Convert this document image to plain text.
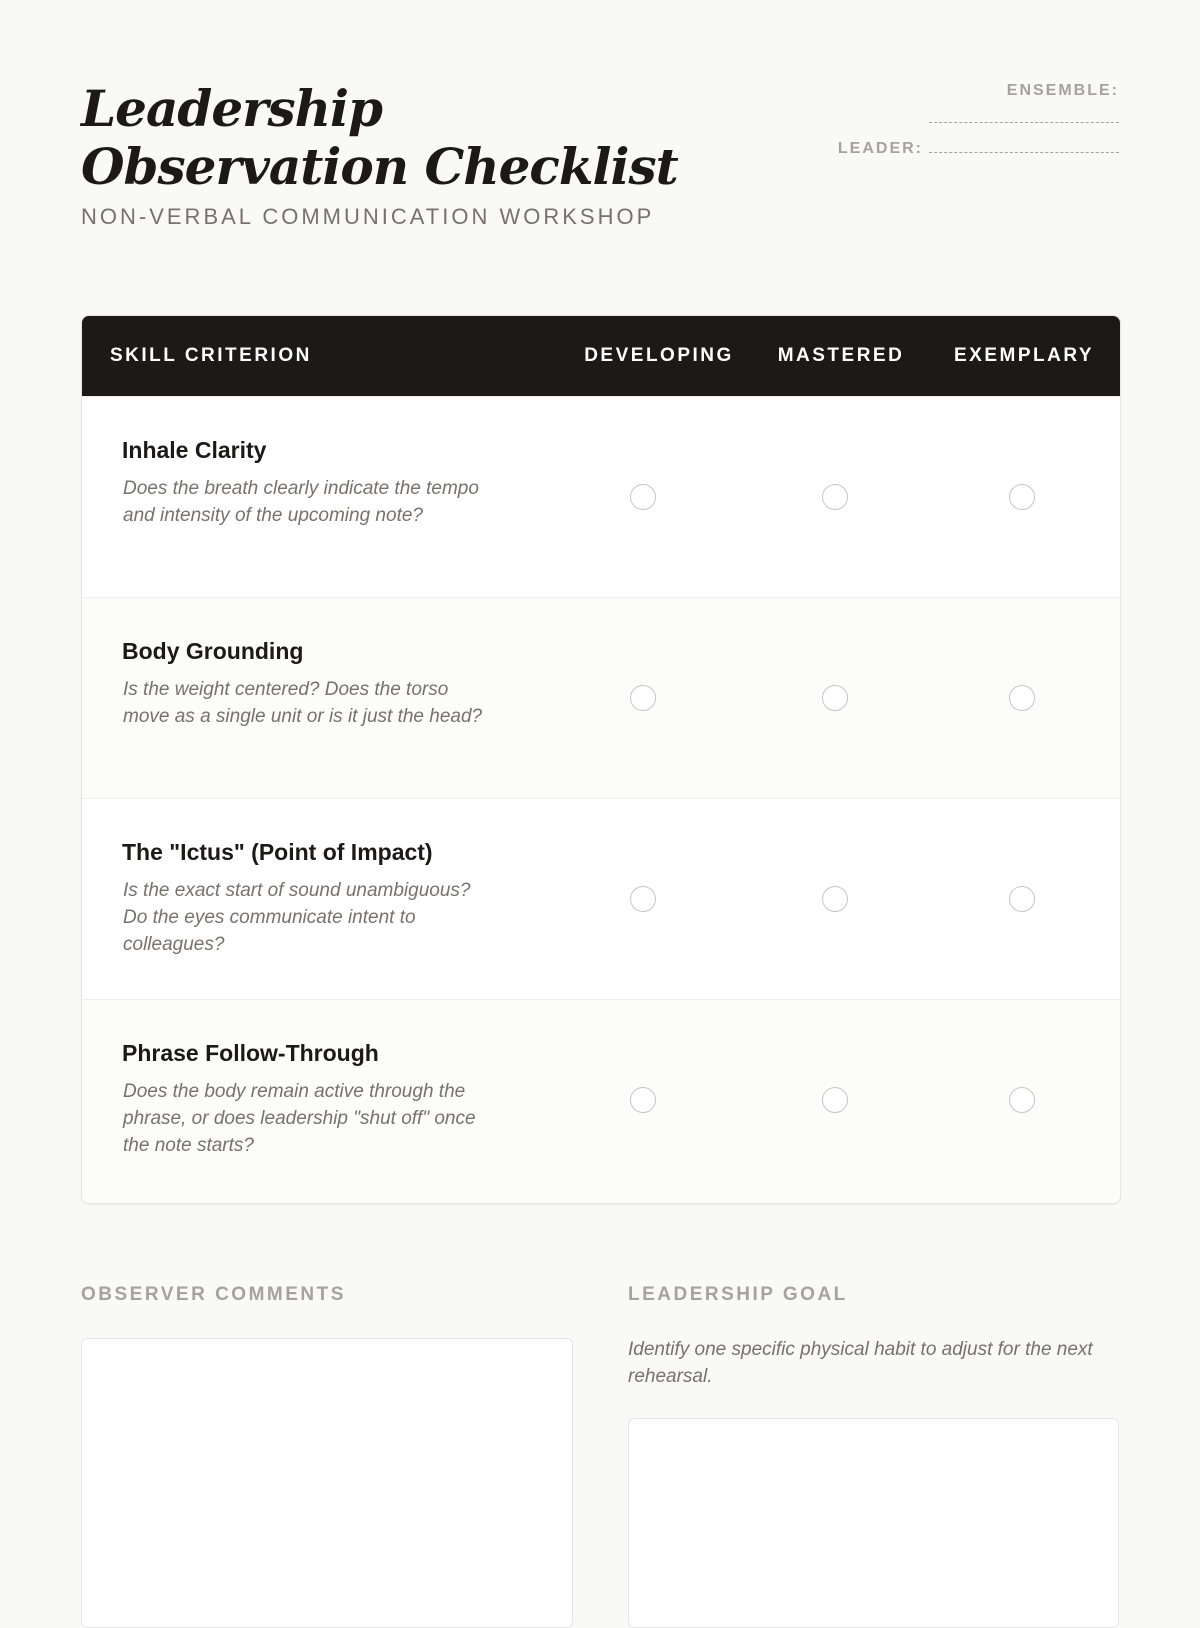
Leadership Observation Checklist
NON-VERBAL COMMUNICATION WORKSHOP
ENSEMBLE:
LEADER:
SKILL CRITERION	DEVELOPING	MASTERED	EXEMPLARY
Inhale Clarity
Does the breath clearly indicate the tempo and intensity of the upcoming note?
Body Grounding
Is the weight centered? Does the torso move as a single unit or is it just the head?
The "Ictus" (Point of Impact)
Is the exact start of sound unambiguous? Do the eyes communicate intent to colleagues?
Phrase Follow-Through
Does the body remain active through the phrase, or does leadership "shut off" once the note starts?
OBSERVER COMMENTS	LEADERSHIP GOAL
Identify one specific physical habit to adjust for the next rehearsal.
